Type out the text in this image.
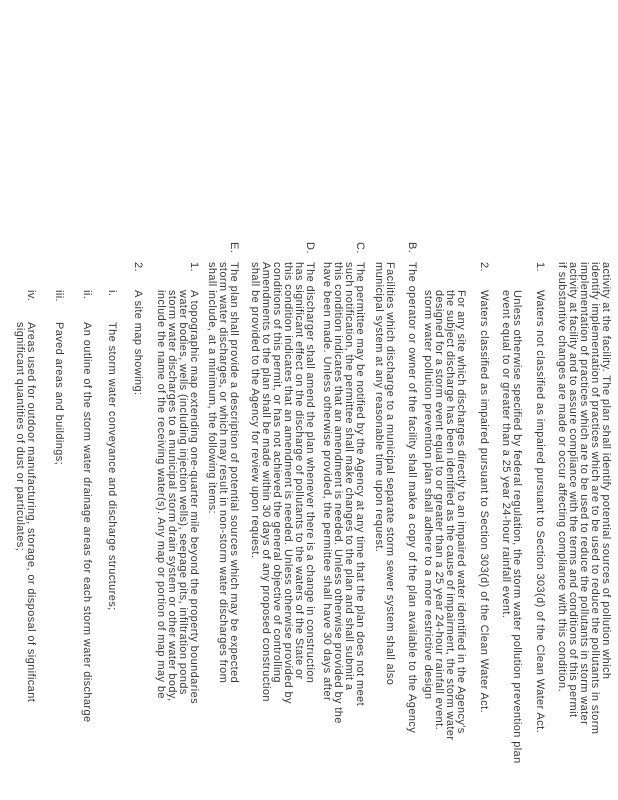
activity at the facility. The plan shall identify potential sources of pollution which
identify implementation of practices which are to be used to reduce the pollutants in storm
implementation of practices which are to be used to reduce the pollutants in storm water
activity at facility and to assure compliance with the terms and conditions of this permit
if substantive changes are made or occur affecting compliance with this condition.
1.
Waters not classified as impaired pursuant to Section 303(d) of the Clean Water Act.
Unless otherwise specified by federal regulation, the storm water pollution prevention plan
event equal to or greater than a 25 year 24-hour rainfall event.
2.
Waters classified as impaired pursuant to Section 303(d) of the Clean Water Act.
For any site which discharges directly to an impaired water identified in the Agency's
the subject discharge has been identified as the cause of impairment, the storm water
designed for a storm event equal to or greater than a 25 year 24-hour rainfall event.
storm water pollution prevention plan shall adhere to a more restrictive design
B.
The operator or owner of the facility shall make a copy of the plan available to the Agency
Facilities which discharge to a municipal separate storm sewer system shall also
municipal system at any reasonable time upon request.
C.
The permittee may be notified by the Agency at any time that the plan does not meet
such notification, the permittee shall make changes to the plan and shall submit a
this condition indicates that an amendment is needed. Unless otherwise provided by the
have been made. Unless otherwise provided, the permittee shall have 30 days after
D.
The discharger shall amend the plan whenever there is a change in construction
has significant effect on the discharge of pollutants to the waters of the State or
this condition indicates that an amendment is needed. Unless otherwise provided by
conditions of this permit, or has not achieved the general objective of controlling
Amendments to the plan shall be made within 30 days of any proposed construction
shall be provided to the Agency for review upon request.
E.
The plan shall provide a description of potential sources which may be expected
storm water discharges, or which may result in non-storm water discharges from
shall include, at a minimum, the following items:
1.
A topographic map extending one-quarter mile beyond the property boundaries
water bodies, wells (including injection wells), seepage pits, infiltration ponds
storm water discharges to a municipal storm drain system or other water body,
include the name of the receiving water(s). Any map or portion of map may be
2.
A site map showing:
i.
The storm water conveyance and discharge structures;
ii.
An outline of the storm water drainage areas for each storm water discharge
iii.
Paved areas and buildings;
iv.
Areas used for outdoor manufacturing, storage, or disposal of significant
significant quantities of dust or particulates;
